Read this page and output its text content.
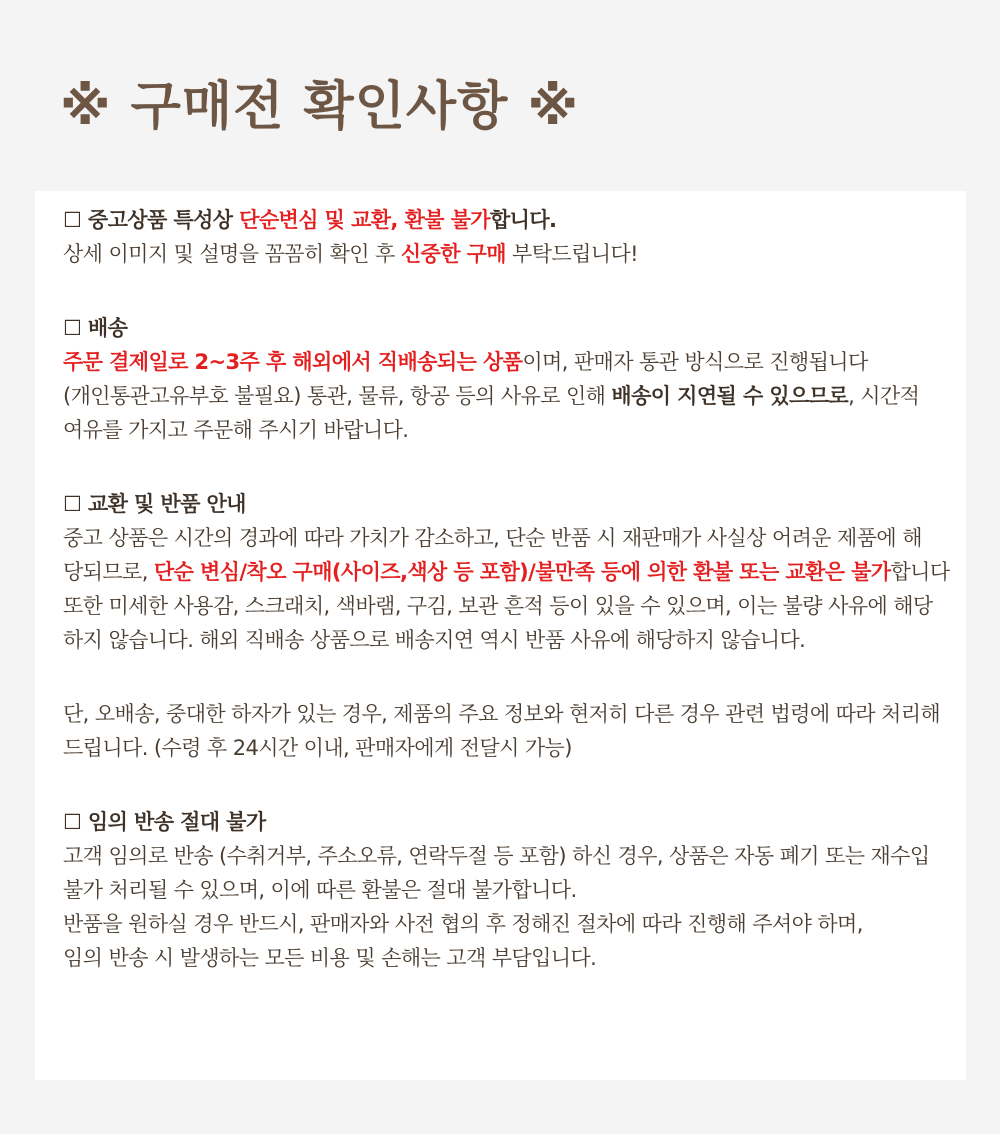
※ 구매전 확인사항 ※
☐ 중고상품 특성상 단순변심 및 교환, 환불 불가합니다.
상세 이미지 및 설명을 꼼꼼히 확인 후 신중한 구매 부탁드립니다!
☐ 배송
주문 결제일로 2~3주 후 해외에서 직배송되는 상품이며, 판매자 통관 방식으로 진행됩니다
(개인통관고유부호 불필요) 통관, 물류, 항공 등의 사유로 인해 배송이 지연될 수 있으므로, 시간적
여유를 가지고 주문해 주시기 바랍니다.
☐ 교환 및 반품 안내
중고 상품은 시간의 경과에 따라 가치가 감소하고, 단순 반품 시 재판매가 사실상 어려운 제품에 해
당되므로, 단순 변심/착오 구매(사이즈,색상 등 포함)/불만족 등에 의한 환불 또는 교환은 불가합니다
또한 미세한 사용감, 스크래치, 색바램, 구김, 보관 흔적 등이 있을 수 있으며, 이는 불량 사유에 해당
하지 않습니다. 해외 직배송 상품으로 배송지연 역시 반품 사유에 해당하지 않습니다.
단, 오배송, 중대한 하자가 있는 경우, 제품의 주요 정보와 현저히 다른 경우 관련 법령에 따라 처리해
드립니다. (수령 후 24시간 이내, 판매자에게 전달시 가능)
☐ 임의 반송 절대 불가
고객 임의로 반송 (수취거부, 주소오류, 연락두절 등 포함) 하신 경우, 상품은 자동 폐기 또는 재수입
불가 처리될 수 있으며, 이에 따른 환불은 절대 불가합니다.
반품을 원하실 경우 반드시, 판매자와 사전 협의 후 정해진 절차에 따라 진행해 주셔야 하며,
임의 반송 시 발생하는 모든 비용 및 손해는 고객 부담입니다.
